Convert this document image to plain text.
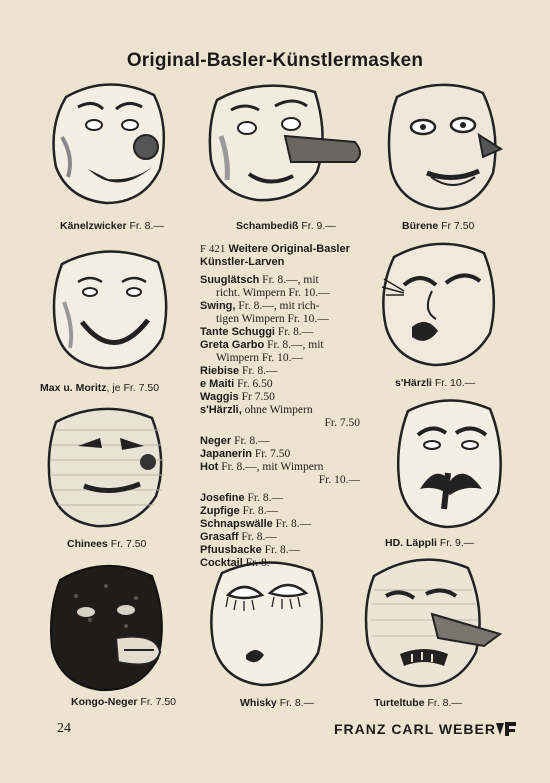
Original-Basler-Künstlermasken
Känelzwicker Fr. 8.—	Schambediß Fr. 9.—	Bürene Fr 7.50
Max u. Moritz, je Fr. 7.50	s'Härzli Fr. 10.—
Chinees Fr. 7.50	HD. Läppli Fr. 9.—
Kongo-Neger Fr. 7.50	Whisky Fr. 8.—	Turteltube Fr. 8.—
F 421 Weitere Original-Basler
Künstler-Larven
Suuglätsch Fr. 8.—, mit
richt. Wimpern Fr. 10.—
Swing, Fr. 8.—, mit rich-
tigen Wimpern Fr. 10.—
Tante Schuggi Fr. 8.—
Greta Garbo Fr. 8.—, mit
Wimpern Fr. 10.—
Riebise Fr. 8.—
e Maiti Fr. 6.50
Waggis Fr 7.50
s'Härzli, ohne Wimpern
Fr. 7.50
Neger Fr. 8.—
Japanerin Fr. 7.50
Hot Fr. 8.—, mit Wimpern
Fr. 10.—
Josefine Fr. 8.—
Zupfige Fr. 8.—
Schnapswälle Fr. 8.—
Grasaff Fr. 8.—
Pfuusbacke Fr. 8.—
Cocktail Fr. 8.—
24	FRANZ CARL WEBER
